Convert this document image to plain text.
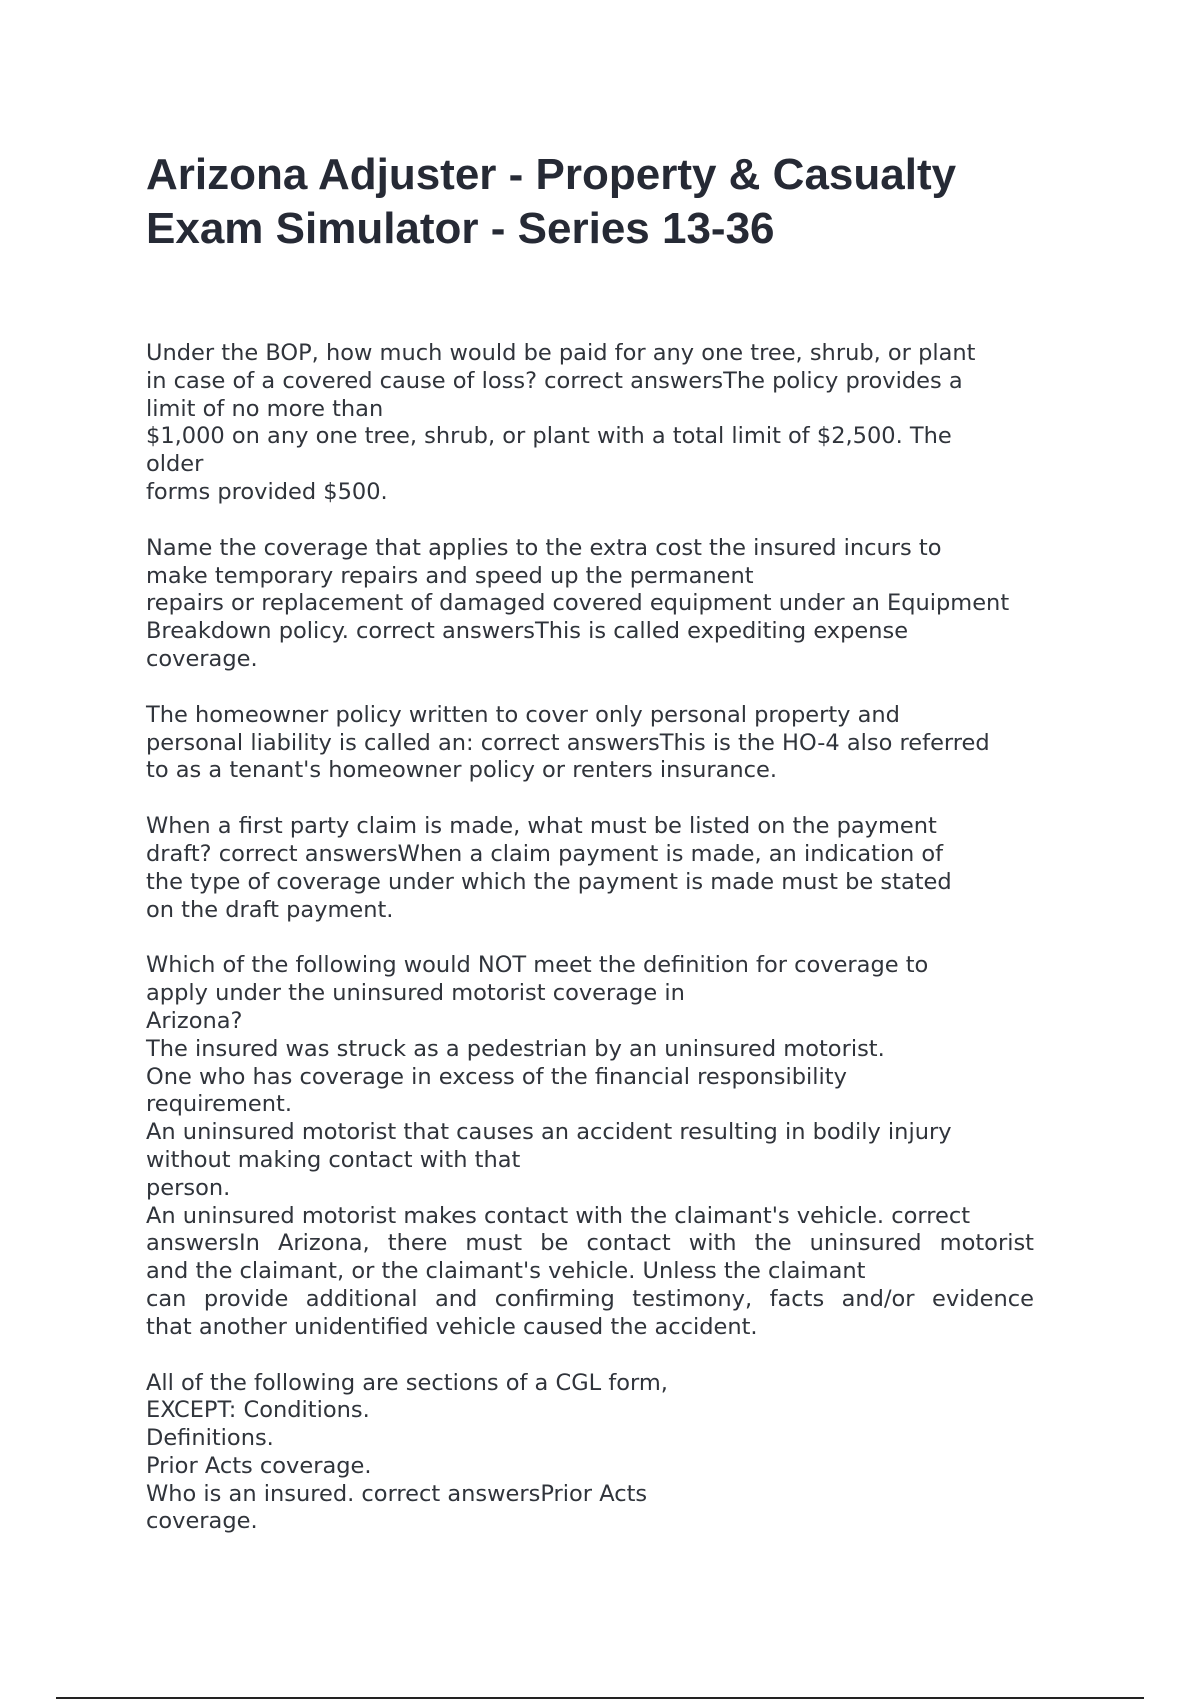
Arizona Adjuster - Property & Casualty
Exam Simulator - Series 13-36
Under the BOP, how much would be paid for any one tree, shrub, or plant
in case of a covered cause of loss? correct answersThe policy provides a
limit of no more than
$1,000 on any one tree, shrub, or plant with a total limit of $2,500. The
older
forms provided $500.
Name the coverage that applies to the extra cost the insured incurs to
make temporary repairs and speed up the permanent
repairs or replacement of damaged covered equipment under an Equipment
Breakdown policy. correct answersThis is called expediting expense
coverage.
The homeowner policy written to cover only personal property and
personal liability is called an: correct answersThis is the HO-4 also referred
to as a tenant's homeowner policy or renters insurance.
When a first party claim is made, what must be listed on the payment
draft? correct answersWhen a claim payment is made, an indication of
the type of coverage under which the payment is made must be stated
on the draft payment.
Which of the following would NOT meet the definition for coverage to
apply under the uninsured motorist coverage in
Arizona?
The insured was struck as a pedestrian by an uninsured motorist.
One who has coverage in excess of the financial responsibility
requirement.
An uninsured motorist that causes an accident resulting in bodily injury
without making contact with that
person.
An uninsured motorist makes contact with the claimant's vehicle. correct
answersIn Arizona, there must be contact with the uninsured motorist
and the claimant, or the claimant's vehicle. Unless the claimant
can provide additional and confirming testimony, facts and/or evidence
that another unidentified vehicle caused the accident.
All of the following are sections of a CGL form,
EXCEPT: Conditions.
Definitions.
Prior Acts coverage.
Who is an insured. correct answersPrior Acts
coverage.
